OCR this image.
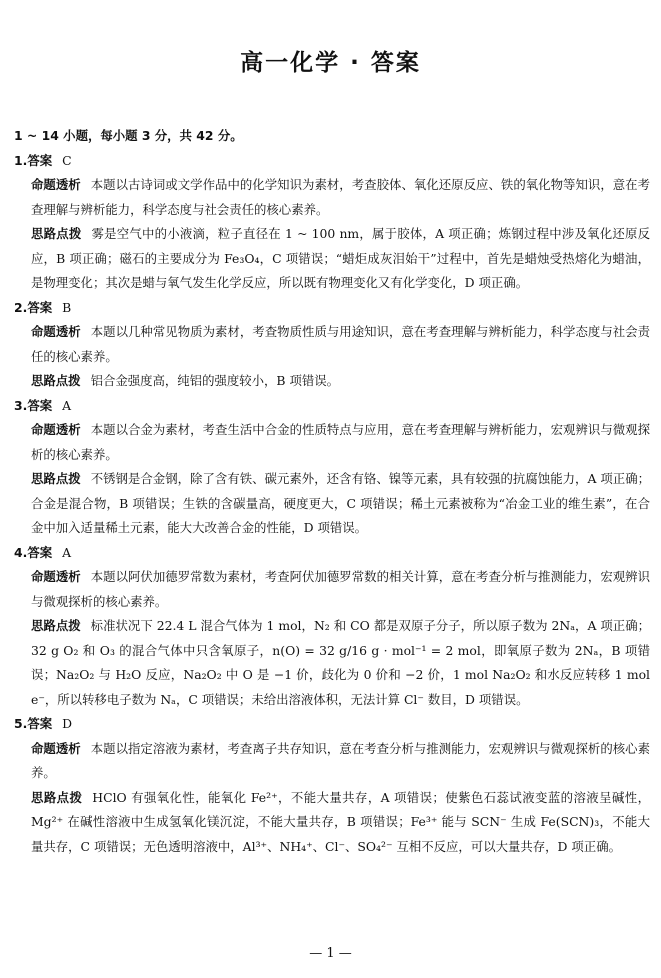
高一化学 · 答案

1 ~ 14 小题，每小题 3 分，共 42 分。

1.答案 C

命题透析 本题以古诗词或文学作品中的化学知识为素材，考查胶体、氧化还原反应、铁的氧化物等知识，意在考查理解与辨析能力，科学态度与社会责任的核心素养。

思路点拨 雾是空气中的小液滴，粒子直径在 1 ~ 100 nm，属于胶体，A 项正确；炼钢过程中涉及氧化还原反应，B 项正确；磁石的主要成分为 Fe₃O₄，C 项错误；“蜡炬成灰泪始干”过程中，首先是蜡烛受热熔化为蜡油，是物理变化；其次是蜡与氧气发生化学反应，所以既有物理变化又有化学变化，D 项正确。

2.答案 B

命题透析 本题以几种常见物质为素材，考查物质性质与用途知识，意在考查理解与辨析能力，科学态度与社会责任的核心素养。

思路点拨 铝合金强度高，纯铝的强度较小，B 项错误。

3.答案 A

命题透析 本题以合金为素材，考查生活中合金的性质特点与应用，意在考查理解与辨析能力，宏观辨识与微观探析的核心素养。

思路点拨 不锈钢是合金钢，除了含有铁、碳元素外，还含有铬、镍等元素，具有较强的抗腐蚀能力，A 项正确；合金是混合物，B 项错误；生铁的含碳量高，硬度更大，C 项错误；稀土元素被称为“冶金工业的维生素”，在合金中加入适量稀土元素，能大大改善合金的性能，D 项错误。

4.答案 A

命题透析 本题以阿伏加德罗常数为素材，考查阿伏加德罗常数的相关计算，意在考查分析与推测能力，宏观辨识与微观探析的核心素养。

思路点拨 标准状况下 22.4 L 混合气体为 1 mol，N₂ 和 CO 都是双原子分子，所以原子数为 2Nₐ，A 项正确；32 g O₂ 和 O₃ 的混合气体中只含氧原子，n(O) = 32 g/16 g · mol⁻¹ = 2 mol，即氧原子数为 2Nₐ，B 项错误；Na₂O₂ 与 H₂O 反应，Na₂O₂ 中 O 是 −1 价，歧化为 0 价和 −2 价，1 mol Na₂O₂ 和水反应转移 1 mol e⁻，所以转移电子数为 Nₐ，C 项错误；未给出溶液体积，无法计算 Cl⁻ 数目，D 项错误。

5.答案 D

命题透析 本题以指定溶液为素材，考查离子共存知识，意在考查分析与推测能力，宏观辨识与微观探析的核心素养。

思路点拨 HClO 有强氧化性，能氧化 Fe²⁺，不能大量共存，A 项错误；使紫色石蕊试液变蓝的溶液呈碱性，Mg²⁺ 在碱性溶液中生成氢氧化镁沉淀，不能大量共存，B 项错误；Fe³⁺ 能与 SCN⁻ 生成 Fe(SCN)₃，不能大量共存，C 项错误；无色透明溶液中，Al³⁺、NH₄⁺、Cl⁻、SO₄²⁻ 互相不反应，可以大量共存，D 项正确。

— 1 —
